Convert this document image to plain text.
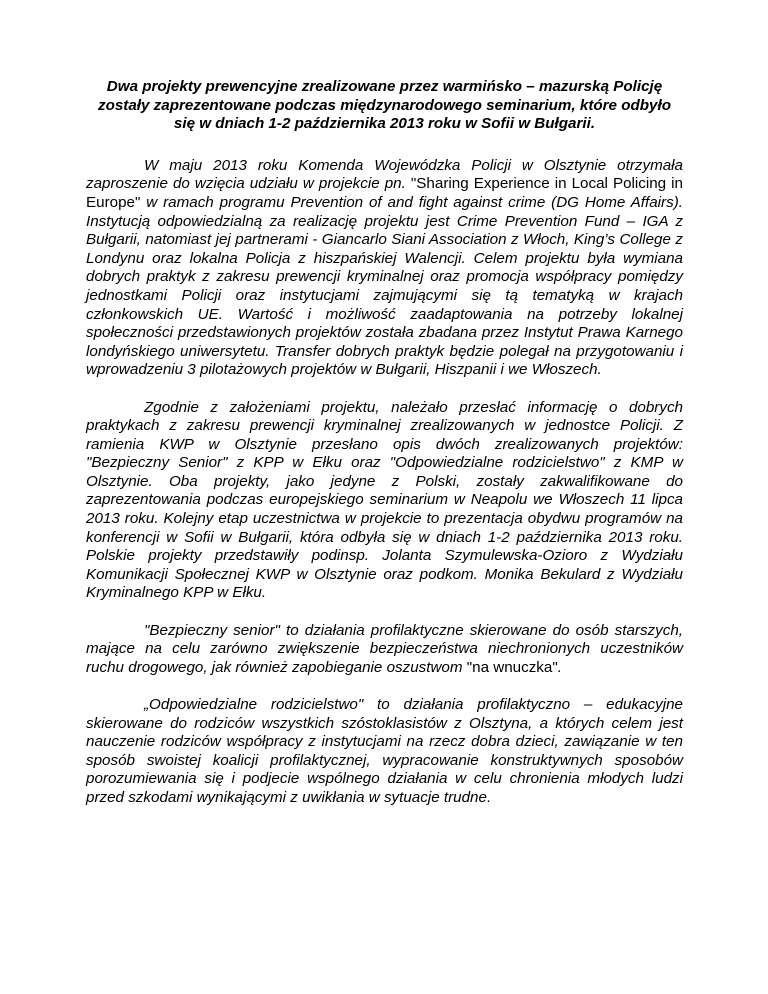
Dwa projekty prewencyjne zrealizowane przez warmińsko – mazurską Policję zostały zaprezentowane podczas międzynarodowego seminarium, które odbyło się w dniach 1-2 października 2013 roku w Sofii w Bułgarii.

W maju 2013 roku Komenda Wojewódzka Policji w Olsztynie otrzymała zaproszenie do wzięcia udziału w projekcie pn. "Sharing Experience in Local Policing in Europe" w ramach programu Prevention of and fight against crime (DG Home Affairs). Instytucją odpowiedzialną za realizację projektu jest Crime Prevention Fund – IGA z Bułgarii, natomiast jej partnerami - Giancarlo Siani Association z Włoch, King’s College z Londynu oraz lokalna Policja z hiszpańskiej Walencji. Celem projektu była wymiana dobrych praktyk z zakresu prewencji kryminalnej oraz promocja współpracy pomiędzy jednostkami Policji oraz instytucjami zajmującymi się tą tematyką w krajach członkowskich UE. Wartość i możliwość zaadaptowania na potrzeby lokalnej społeczności przedstawionych projektów została zbadana przez Instytut Prawa Karnego londyńskiego uniwersytetu. Transfer dobrych praktyk będzie polegał na przygotowaniu i wprowadzeniu 3 pilotażowych projektów w Bułgarii, Hiszpanii i we Włoszech.

Zgodnie z założeniami projektu, należało przesłać informację o dobrych praktykach z zakresu prewencji kryminalnej zrealizowanych w jednostce Policji. Z ramienia KWP w Olsztynie przesłano opis dwóch zrealizowanych projektów: "Bezpieczny Senior" z KPP w Ełku oraz "Odpowiedzialne rodzicielstwo" z KMP w Olsztynie. Oba projekty, jako jedyne z Polski, zostały zakwalifikowane do zaprezentowania podczas europejskiego seminarium w Neapolu we Włoszech 11 lipca 2013 roku. Kolejny etap uczestnictwa w projekcie to prezentacja obydwu programów na konferencji w Sofii w Bułgarii, która odbyła się w dniach 1-2 października 2013 roku. Polskie projekty przedstawiły podinsp. Jolanta Szymulewska-Ozioro z Wydziału Komunikacji Społecznej KWP w Olsztynie oraz podkom. Monika Bekulard z Wydziału Kryminalnego KPP w Ełku.

"Bezpieczny senior" to działania profilaktyczne skierowane do osób starszych, mające na celu zarówno zwiększenie bezpieczeństwa niechronionych uczestników ruchu drogowego, jak również zapobieganie oszustwom "na wnuczka".

„Odpowiedzialne rodzicielstwo" to działania profilaktyczno – edukacyjne skierowane do rodziców wszystkich szóstoklasistów z Olsztyna, a których celem jest nauczenie rodziców współpracy z instytucjami na rzecz dobra dzieci, zawiązanie w ten sposób swoistej koalicji profilaktycznej, wypracowanie konstruktywnych sposobów porozumiewania się i podjecie wspólnego działania w celu chronienia młodych ludzi przed szkodami wynikającymi z uwikłania w sytuacje trudne.
